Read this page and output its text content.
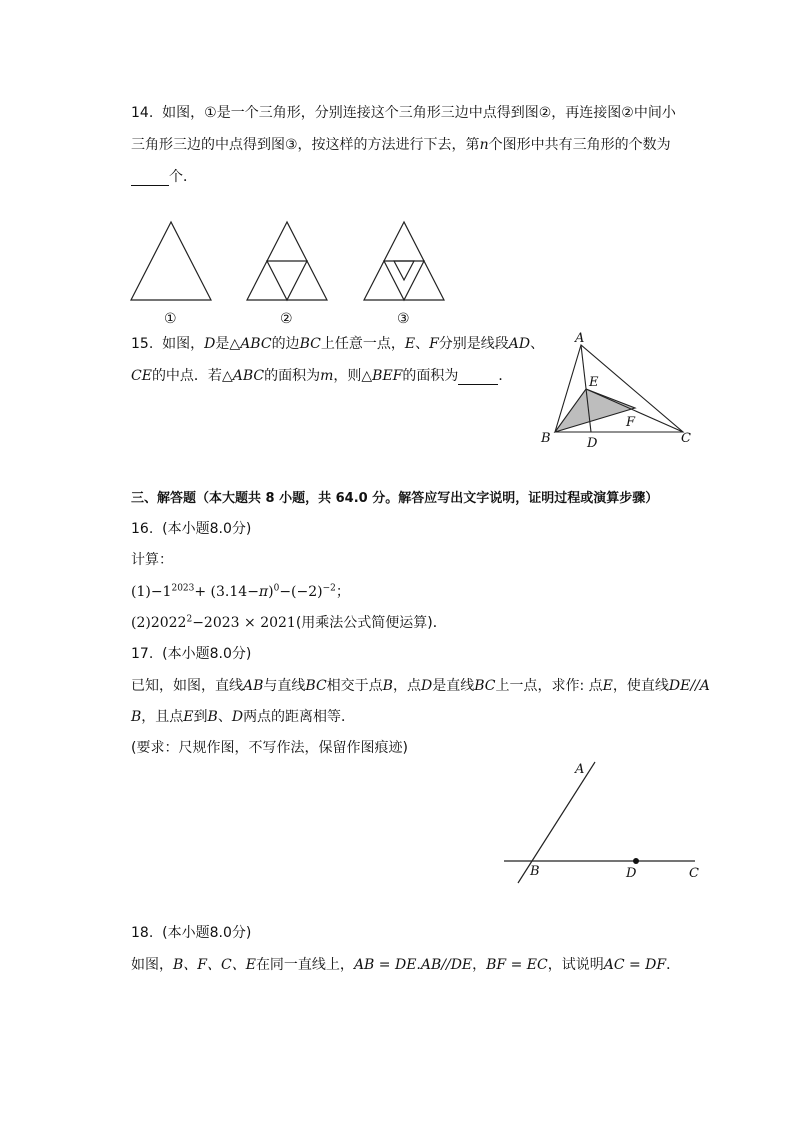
14. 如图，①是一个三角形，分别连接这个三角形三边中点得到图②，再连接图②中间小
三角形三边的中点得到图③，按这样的方法进行下去，第n个图形中共有三角形的个数为
个．
①	②	③
15. 如图，D是△ABC的边BC上任意一点，E、F分别是线段AD、
CE的中点．若△ABC的面积为m，则△BEF的面积为	．
A
E
F
B	D	C
三、解答题（本大题共 8 小题，共 64.0 分。解答应写出文字说明，证明过程或演算步骤）
16. (本小题8.0分)
计算：
$(1)-1^{2023}+ (3.14-\pi)^0-(-2)^{-2}$；
$(2)2022^2-2023 \times 2021$(用乘法公式简便运算)．
17. (本小题8.0分)
已知，如图，直线AB与直线BC相交于点B，点D是直线BC上一点，求作: 点E，使直线DE//A
B，且点E到B、D两点的距离相等．
(要求：尺规作图，不写作法，保留作图痕迹)
A
B	D	C
18. (本小题8.0分)
如图，B、F、C、E在同一直线上，AB = DE.AB//DE，BF = EC，试说明AC = DF．
